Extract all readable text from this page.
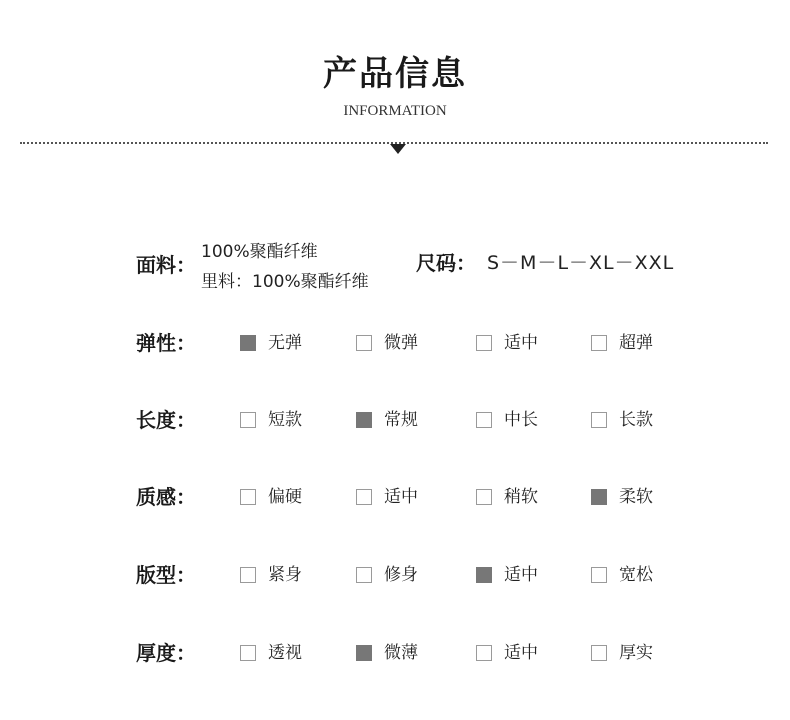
产品信息
INFORMATION
面料：
100%聚酯纤维
里料：100%聚酯纤维
尺码： S－M－L－XL－XXL
弹性：	无弹	微弹	适中	超弹
长度：	短款	常规	中长	长款
质感：	偏硬	适中	稍软	柔软
版型：	紧身	修身	适中	宽松
厚度：	透视	微薄	适中	厚实
